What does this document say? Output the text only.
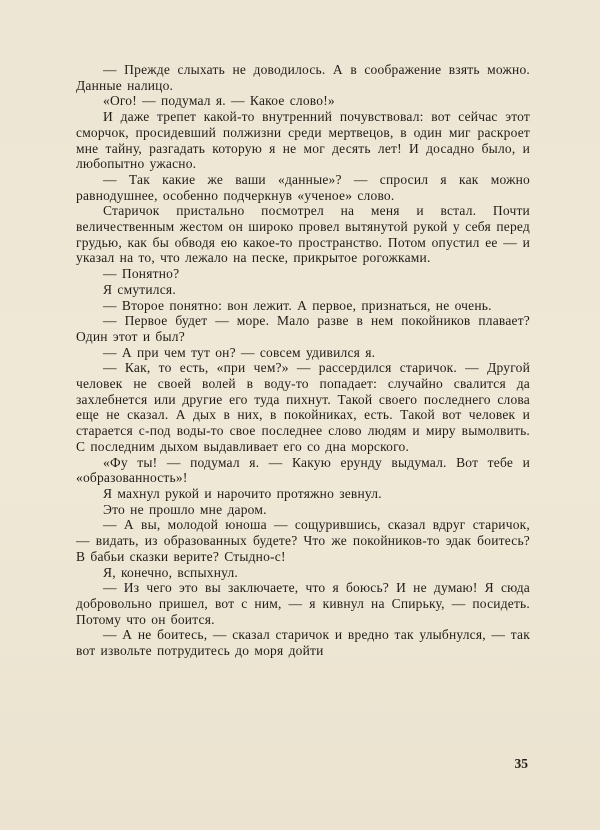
— Прежде слыхать не доводилось. А в соображение взять можно. Данные налицо.

«Ого! — подумал я. — Какое слово!»

И даже трепет какой-то внутренний почувствовал: вот сейчас этот сморчок, просидевший полжизни среди мертвецов, в один миг раскроет мне тайну, разгадать которую я не мог десять лет! И досадно было, и любопытно ужасно.

— Так какие же ваши «данные»? — спросил я как можно равнодушнее, особенно подчеркнув «ученое» слово.

Старичок пристально посмотрел на меня и встал. Почти величественным жестом он широко провел вытянутой рукой у себя перед грудью, как бы обводя ею какое-то пространство. Потом опустил ее — и указал на то, что лежало на песке, прикрытое рогожками.

— Понятно?

Я смутился.

— Второе понятно: вон лежит. А первое, признаться, не очень.

— Первое будет — море. Мало разве в нем покойников плавает? Один этот и был?

— А при чем тут он? — совсем удивился я.

— Как, то есть, «при чем?» — рассердился старичок. — Другой человек не своей волей в воду-то попадает: случайно свалится да захлебнется или другие его туда пихнут. Такой своего последнего слова еще не сказал. А дых в них, в покойниках, есть. Такой вот человек и старается с-под воды-то свое последнее слово людям и миру вымолвить. С последним дыхом выдавливает его со дна морского.

«Фу ты! — подумал я. — Какую ерунду выдумал. Вот тебе и «образованность»!

Я махнул рукой и нарочито протяжно зевнул.

Это не прошло мне даром.

— А вы, молодой юноша — сощурившись, сказал вдруг старичок, — видать, из образованных будете? Что же покойников-то эдак боитесь? В бабьи сказки верите? Стыдно-с!

Я, конечно, вспыхнул.

— Из чего это вы заключаете, что я боюсь? И не думаю! Я сюда добровольно пришел, вот с ним, — я кивнул на Спирьку, — посидеть. Потому что он боится.

— А не боитесь, — сказал старичок и вредно так улыбнулся, — так вот извольте потрудитесь до моря дойти

35
